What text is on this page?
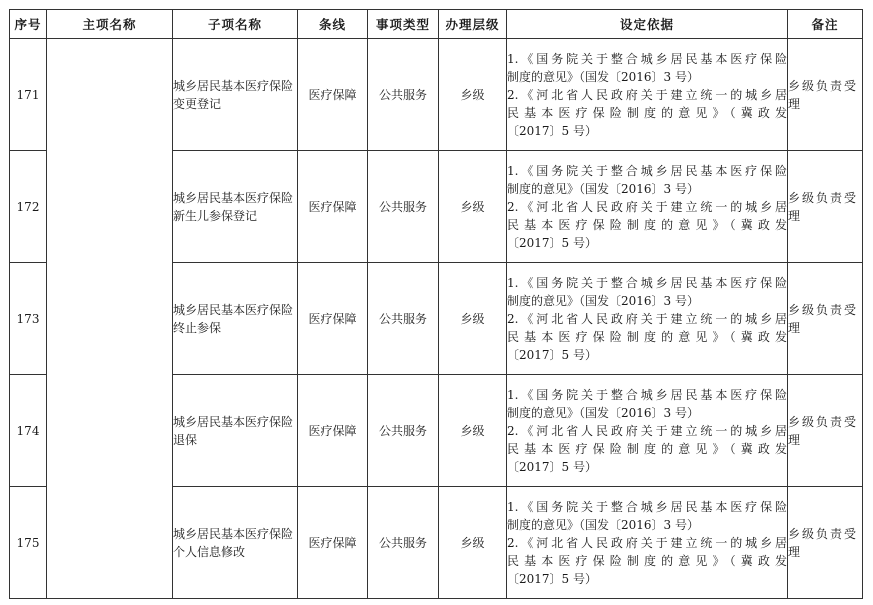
序号	主项名称	子项名称	条线	事项类型	办理层级	设定依据	备注
171		城乡居民基本医疗保险变更登记	医疗保障	公共服务	乡级	1.《国务院关于整合城乡居民基本医疗保险
制度的意见》（国发〔2016〕3 号）
2.《河北省人民政府关于建立统一的城乡居
民基本医疗保险制度的意见》（冀政发
〔2017〕5 号）	乡级负责受理
172		城乡居民基本医疗保险新生儿参保登记	医疗保障	公共服务	乡级	1.《国务院关于整合城乡居民基本医疗保险
制度的意见》（国发〔2016〕3 号）
2.《河北省人民政府关于建立统一的城乡居
民基本医疗保险制度的意见》（冀政发
〔2017〕5 号）	乡级负责受理
173		城乡居民基本医疗保险终止参保	医疗保障	公共服务	乡级	1.《国务院关于整合城乡居民基本医疗保险
制度的意见》（国发〔2016〕3 号）
2.《河北省人民政府关于建立统一的城乡居
民基本医疗保险制度的意见》（冀政发
〔2017〕5 号）	乡级负责受理
174		城乡居民基本医疗保险退保	医疗保障	公共服务	乡级	1.《国务院关于整合城乡居民基本医疗保险
制度的意见》（国发〔2016〕3 号）
2.《河北省人民政府关于建立统一的城乡居
民基本医疗保险制度的意见》（冀政发
〔2017〕5 号）	乡级负责受理
175		城乡居民基本医疗保险个人信息修改	医疗保障	公共服务	乡级	1.《国务院关于整合城乡居民基本医疗保险
制度的意见》（国发〔2016〕3 号）
2.《河北省人民政府关于建立统一的城乡居
民基本医疗保险制度的意见》（冀政发
〔2017〕5 号）	乡级负责受理
